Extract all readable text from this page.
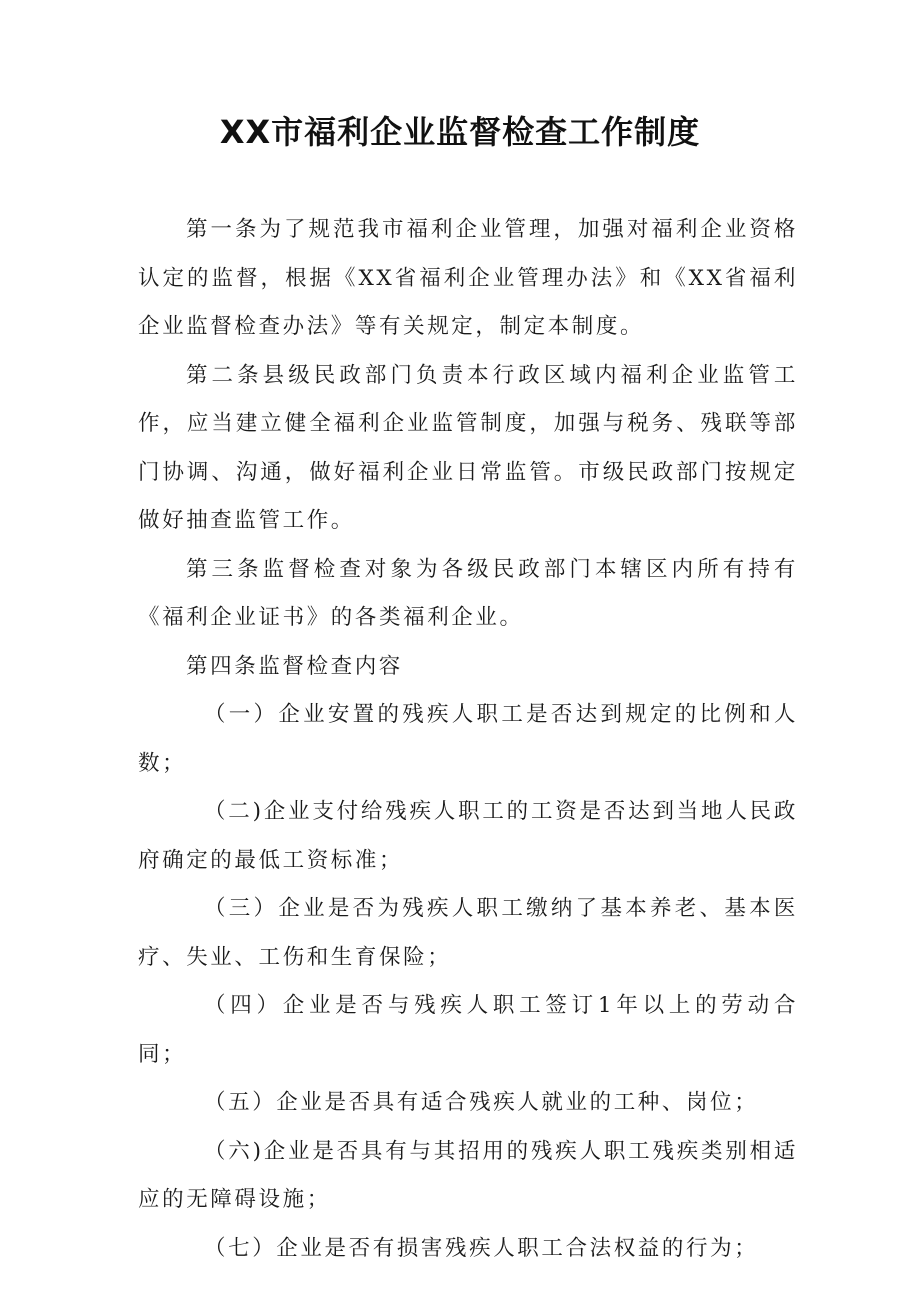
XX市福利企业监督检查工作制度

第一条为了规范我市福利企业管理，加强对福利企业资格认定的监督，根据《XX省福利企业管理办法》和《XX省福利企业监督检查办法》等有关规定，制定本制度。

第二条县级民政部门负责本行政区域内福利企业监管工作，应当建立健全福利企业监管制度，加强与税务、残联等部门协调、沟通，做好福利企业日常监管。市级民政部门按规定做好抽查监管工作。

第三条监督检查对象为各级民政部门本辖区内所有持有《福利企业证书》的各类福利企业。

第四条监督检查内容

（一）企业安置的残疾人职工是否达到规定的比例和人数；

（二)企业支付给残疾人职工的工资是否达到当地人民政府确定的最低工资标准；

（三）企业是否为残疾人职工缴纳了基本养老、基本医疗、失业、工伤和生育保险；

（四）企业是否与残疾人职工签订1年以上的劳动合同；

（五）企业是否具有适合残疾人就业的工种、岗位；

（六)企业是否具有与其招用的残疾人职工残疾类别相适应的无障碍设施；

（七）企业是否有损害残疾人职工合法权益的行为；
